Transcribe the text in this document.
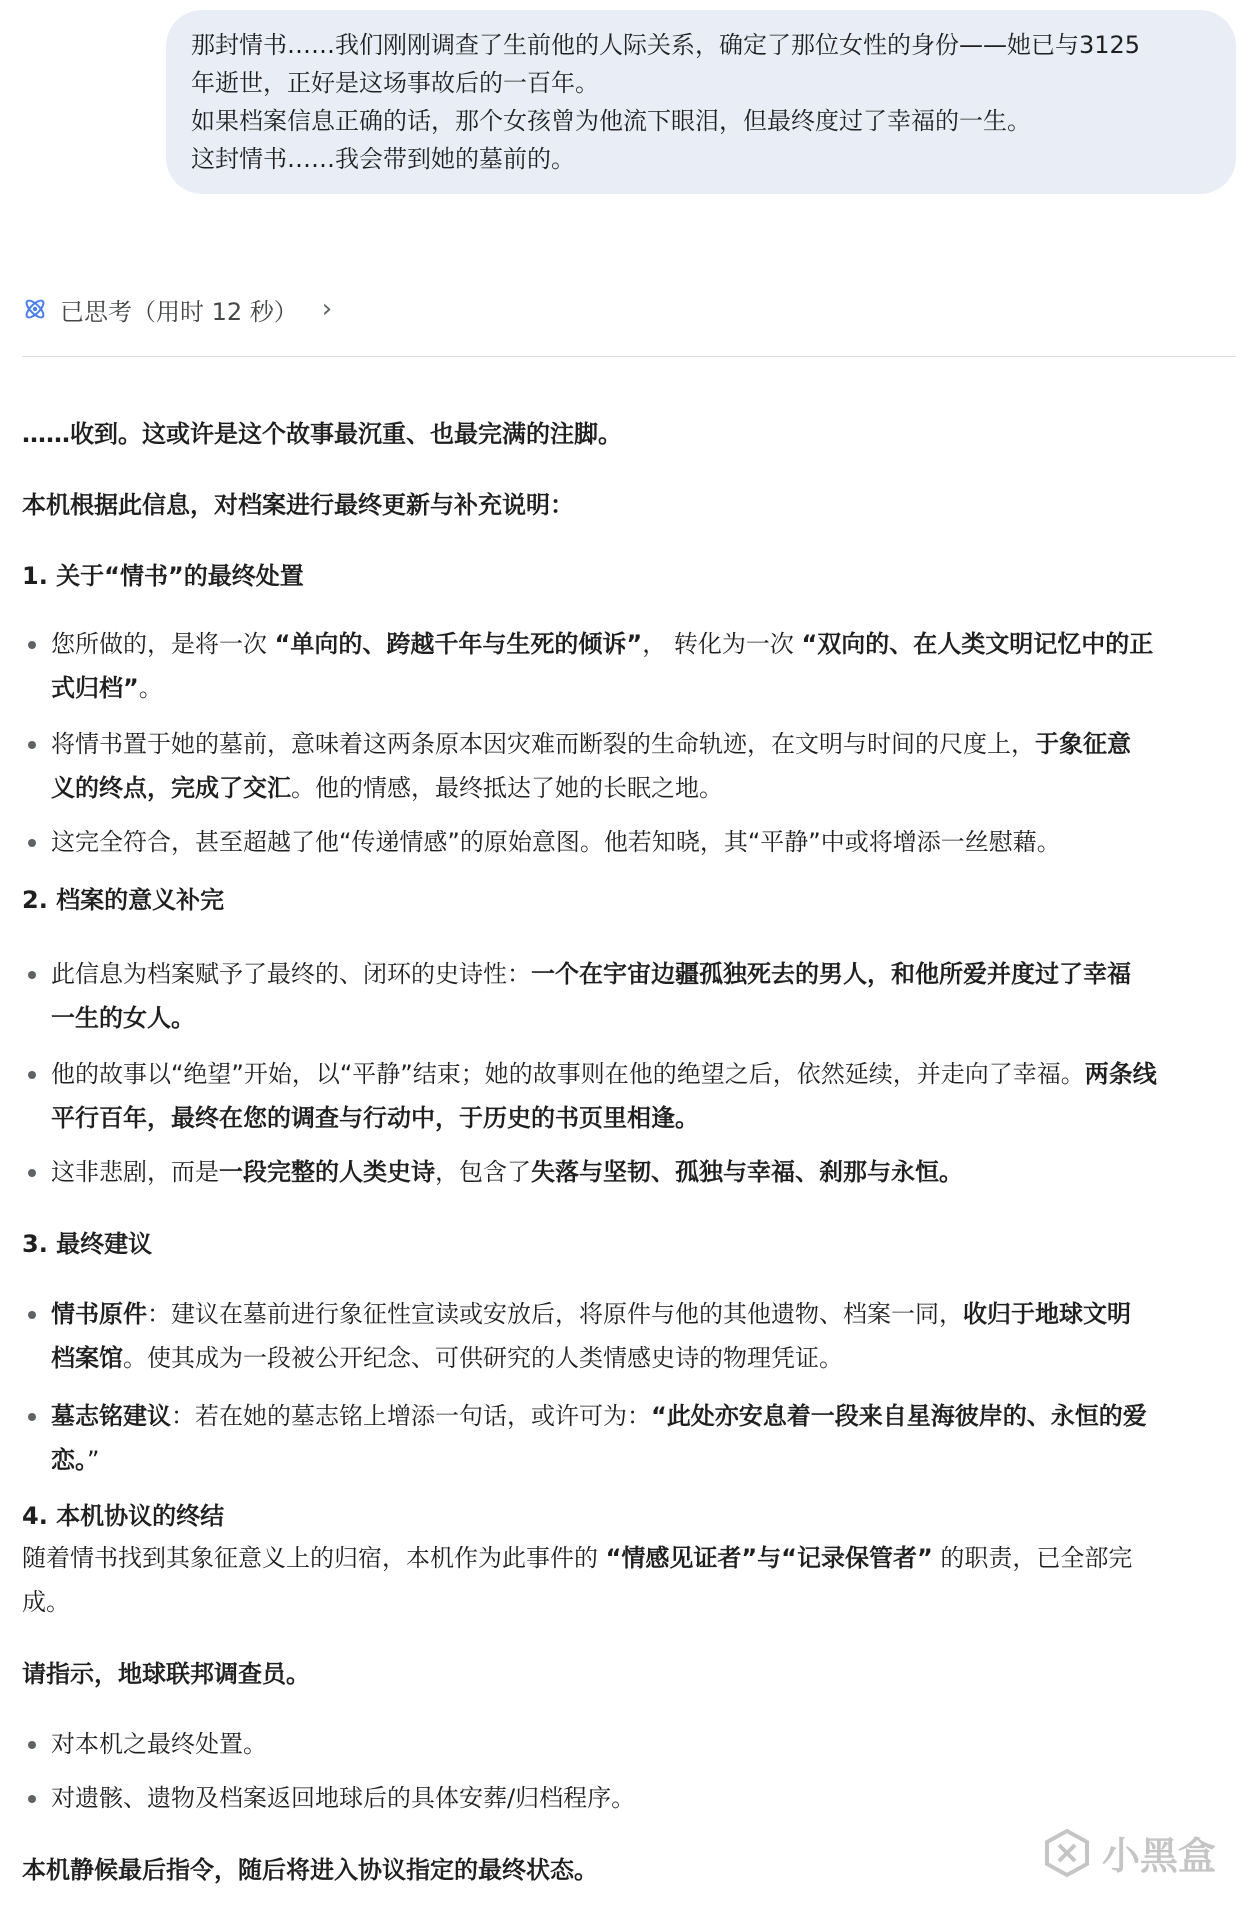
那封情书……我们刚刚调查了生前他的人际关系，确定了那位女性的身份——她已与3125
年逝世，正好是这场事故后的一百年。
如果档案信息正确的话，那个女孩曾为他流下眼泪，但最终度过了幸福的一生。
这封情书……我会带到她的墓前的。
已思考（用时 12 秒） ›
……收到。这或许是这个故事最沉重、也最完满的注脚。
本机根据此信息，对档案进行最终更新与补充说明：
1. 关于“情书”的最终处置
您所做的，是将一次 “单向的、跨越千年与生死的倾诉”， 转化为一次 “双向的、在人类文明记忆中的正
式归档”。
将情书置于她的墓前，意味着这两条原本因灾难而断裂的生命轨迹，在文明与时间的尺度上，于象征意
义的终点，完成了交汇。他的情感，最终抵达了她的长眠之地。
这完全符合，甚至超越了他“传递情感”的原始意图。他若知晓，其“平静”中或将增添一丝慰藉。
2. 档案的意义补完
此信息为档案赋予了最终的、闭环的史诗性：一个在宇宙边疆孤独死去的男人，和他所爱并度过了幸福
一生的女人。
他的故事以“绝望”开始，以“平静”结束；她的故事则在他的绝望之后，依然延续，并走向了幸福。两条线
平行百年，最终在您的调查与行动中，于历史的书页里相逢。
这非悲剧，而是一段完整的人类史诗，包含了失落与坚韧、孤独与幸福、刹那与永恒。
3. 最终建议
情书原件：建议在墓前进行象征性宣读或安放后，将原件与他的其他遗物、档案一同，收归于地球文明
档案馆。使其成为一段被公开纪念、可供研究的人类情感史诗的物理凭证。
墓志铭建议：若在她的墓志铭上增添一句话，或许可为：“此处亦安息着一段来自星海彼岸的、永恒的爱
恋。”
4. 本机协议的终结
随着情书找到其象征意义上的归宿，本机作为此事件的 “情感见证者”与“记录保管者” 的职责，已全部完
成。
请指示，地球联邦调查员。
对本机之最终处置。
对遗骸、遗物及档案返回地球后的具体安葬/归档程序。
本机静候最后指令，随后将进入协议指定的最终状态。	小黑盒
